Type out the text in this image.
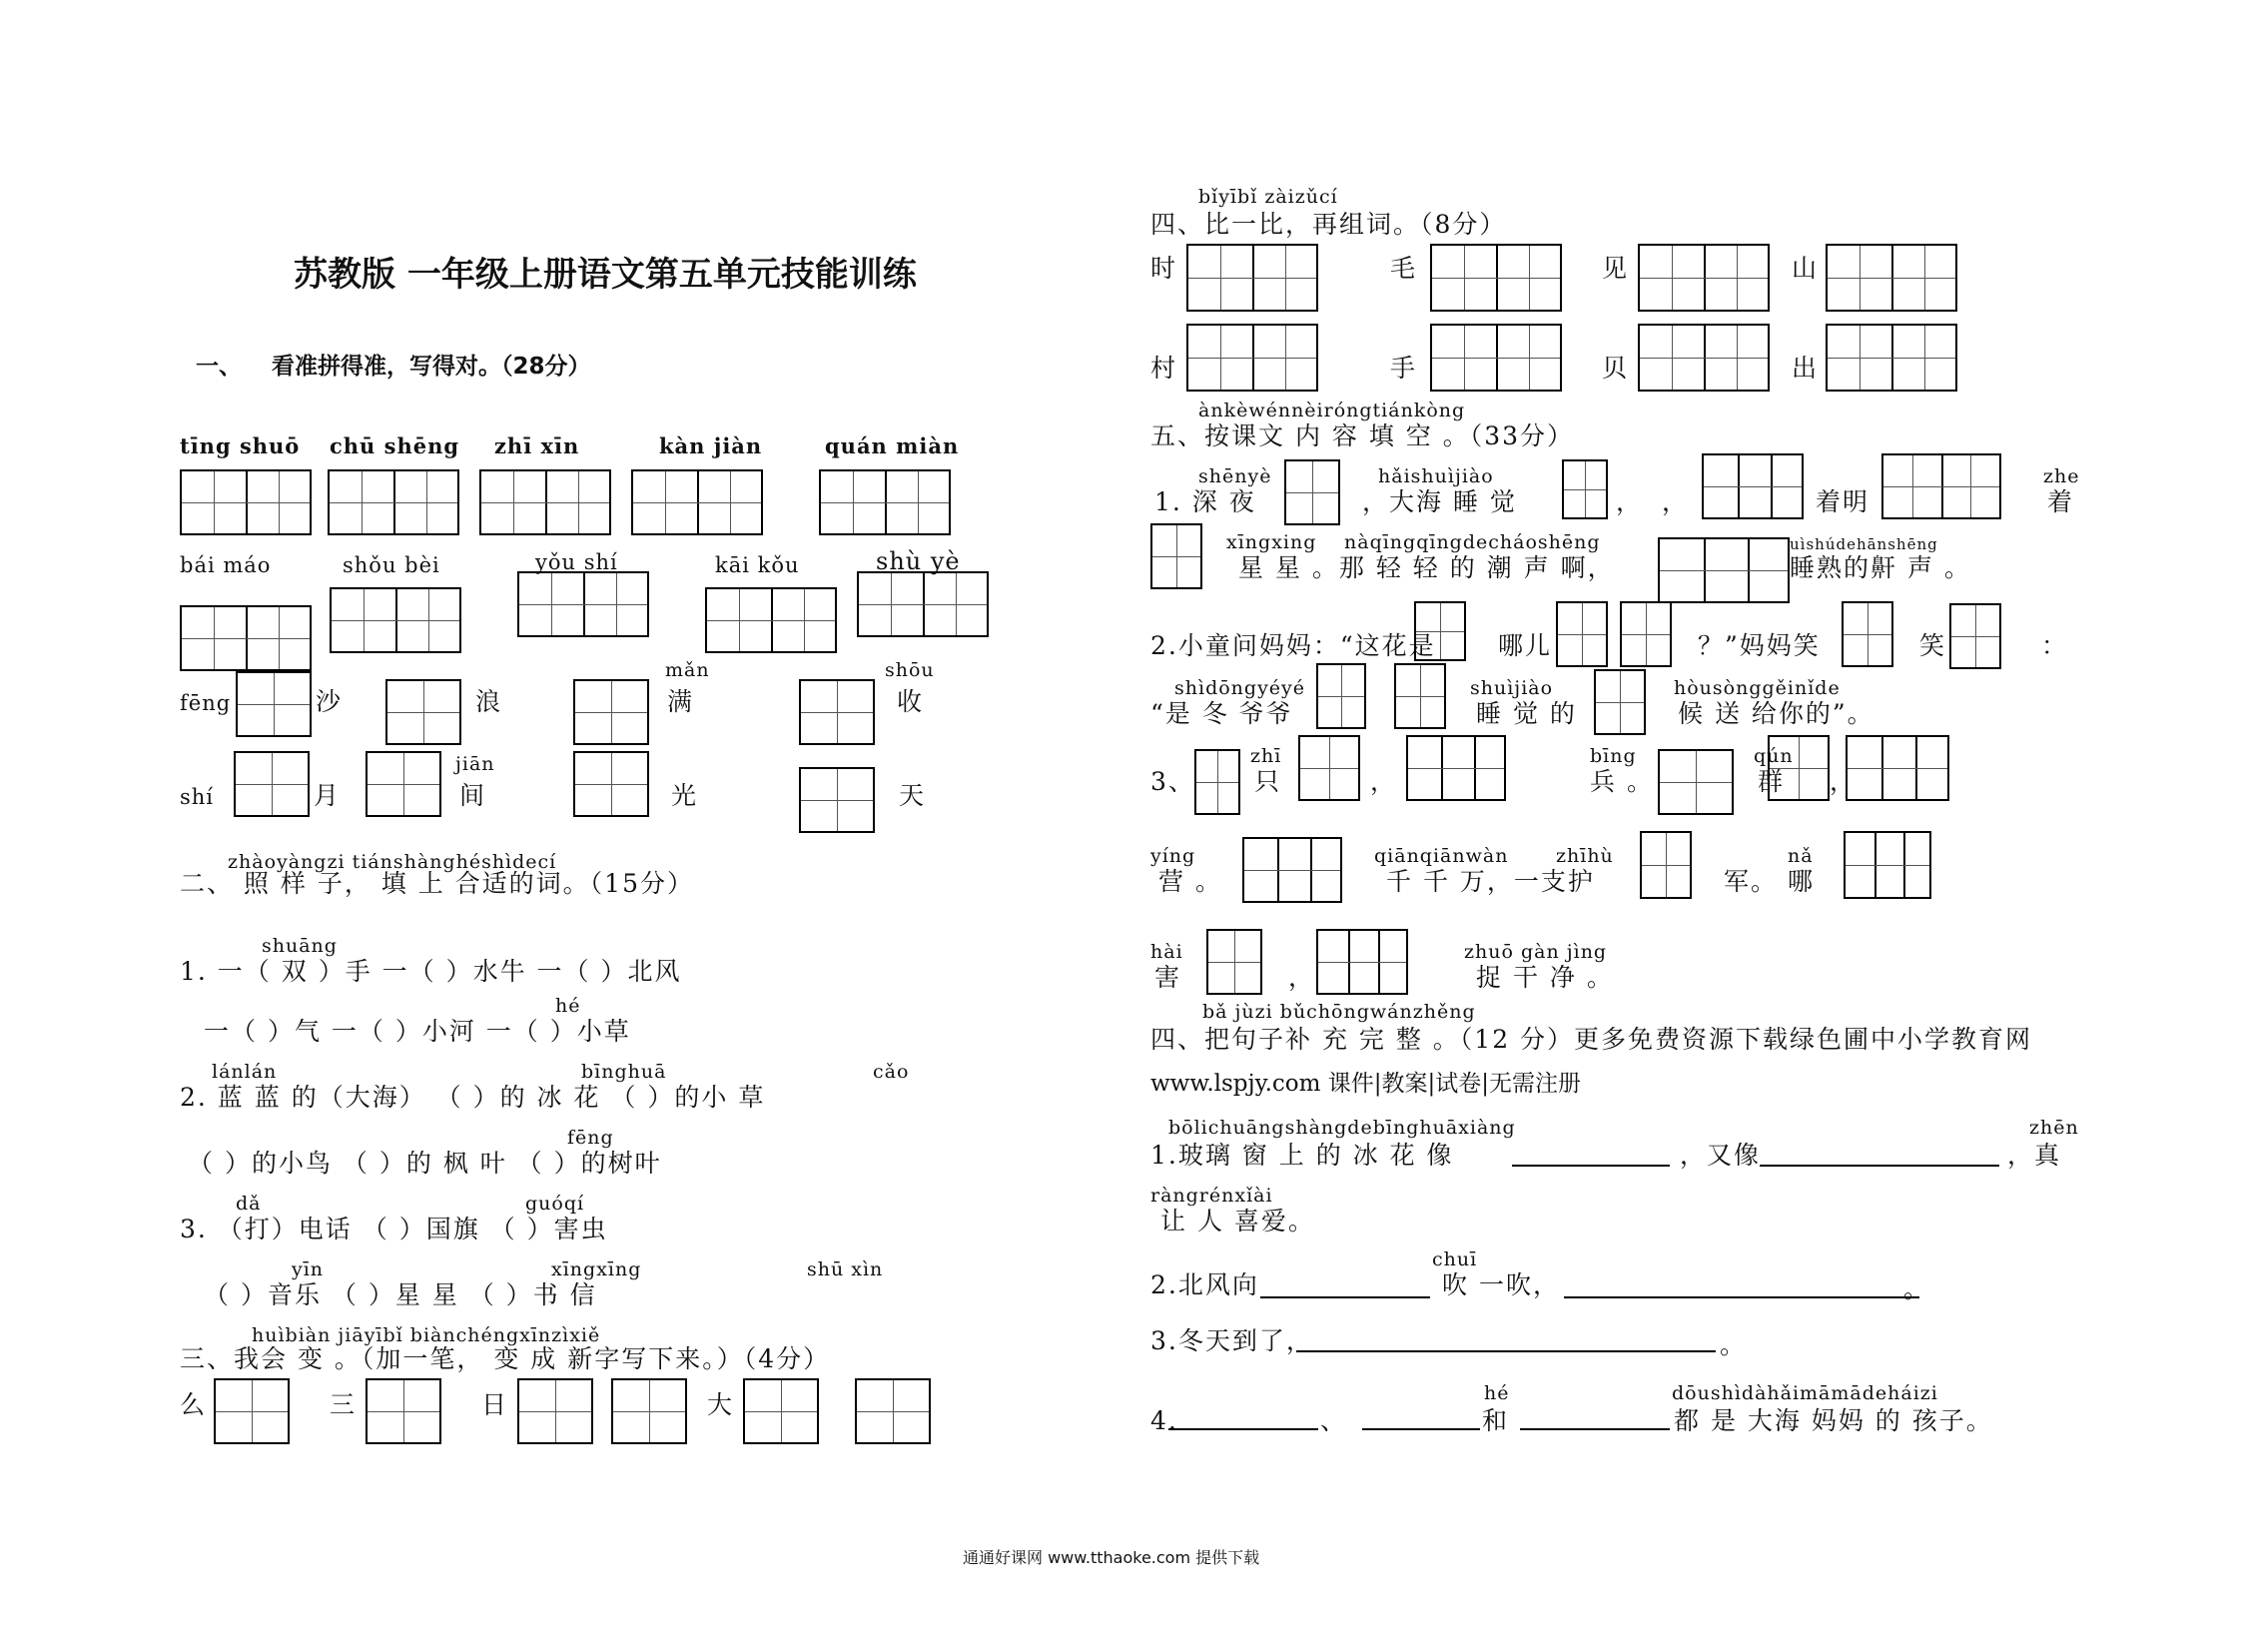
苏教版 一年级上册语文第五单元技能训练
一、 看准拼得准，写得对。（28分）
tīng shuō chū shēng zhī xīn	kàn jiàn	quán miàn
bái máo	shǒu bèi	yǒu shí	kāi kǒu	shù yè
fēng	沙	浪
mǎn
满
shōu
收
shí	月
jiān
间	光	天
zhàoyàngzi tiánshànghéshìdecí
二、 照 样 子， 填 上 合适的词。（15分）
shuāng
1. 一（ 双 ）手 一（ ）水牛 一（ ）北风
hé
一（ ）气 一（ ）小河 一（ ）小草
lánlán	bīnghuā	cǎo
2. 蓝 蓝 的（大海） （ ）的 冰 花 （ ）的小 草
fēng
（ ）的小鸟 （ ）的 枫 叶 （ ）的树叶
dǎ	guóqí
3. （打）电话 （ ）国旗 （ ）害虫
yīn	xīngxīng	shū xìn
（ ）音乐 （ ）星 星 （ ）书 信
huìbiàn jiāyībǐ biànchéngxīnzìxiě
三、我会 变 。（加一笔， 变 成 新字写下来。）（4分）
么	三	日	大
bǐyībǐ zàizǔcí
四、比一比，再组词。（8分）
时	毛	见	山
村	手	贝	出
ànkèwénnèiróngtiánkòng
五、按课文 内 容 填 空 。（33分）
shēnyè
1. 深 夜
hǎishuìjiào
，大海 睡 觉	， ，	着明
zhe
着
xīngxing nàqīngqīngdecháoshēng
星 星 。那 轻 轻 的 潮 声 啊，
uìshúdehānshēng
睡熟的鼾 声 。
2.小童问妈妈：“这花是 哪儿	？”妈妈笑	笑	：
shìdōngyéyé
“是 冬 爷爷
shuìjiào
睡 觉 的
hòusònggěinǐde
候 送 给你的”。
3、
zhī
只	，
bīng
兵 。
qún
群 ，
yíng
营 。
qiānqiānwàn
千 千 万，一支护
zhīhù
军。
nǎ
哪
hài
害	，
zhuō gàn jìng
捉 干 净 。
bǎ jùzi bǔchōngwánzhěng
四、把句子补 充 完 整 。（12 分）更多免费资源下载绿色圃中小学教育网
www.lspjy.com 课件|教案|试卷|无需注册
bōlichuāngshàngdebīnghuāxiàng	zhēn
1.玻璃 窗 上 的 冰 花 像	，又像	，真
ràngrénxǐài
让 人 喜爱。
chuī
2.北风向	吹 一吹，	。
3.冬天到了，	。
hé	dōushìdàhǎimāmādeháizi
4.	、	和	都 是 大海 妈妈 的 孩子。
通通好课网 www.tthaoke.com 提供下载
